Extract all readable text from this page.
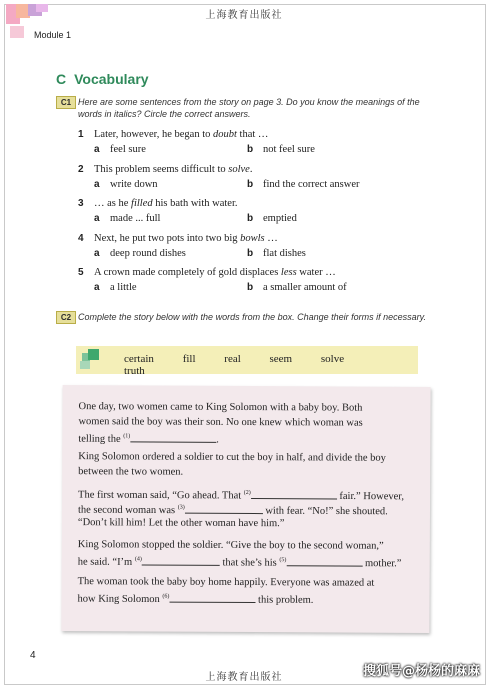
上海教育出版社
Module 1
C Vocabulary
C1 Here are some sentences from the story on page 3. Do you know the meanings of the words in italics? Circle the correct answers.
1 Later, however, he began to doubt that …
a feel sure	b not feel sure
2 This problem seems difficult to solve.
a write down	b find the correct answer
3 … as he filled his bath with water.
a made ... full	b emptied
4 Next, he put two pots into two big bowls …
a deep round dishes	b flat dishes
5 A crown made completely of gold displaces less water …
a a little	b a smaller amount of
C2 Complete the story below with the words from the box. Change their forms if necessary.
certain	fill	real	seem	solve truth

One day, two women came to King Solomon with a baby boy. Both

women said the boy was their son. No one knew which woman was

telling the $^{(1)}$	.

King Solomon ordered a soldier to cut the boy in half, and divide the boy

between the two women.

The first woman said, “Go ahead. That $^{(2)}$	fair.” However,

the second woman was $^{(3)}$	with fear. “No!” she shouted.

“Don’t kill him! Let the other woman have him.”

King Solomon stopped the soldier. “Give the boy to the second woman,”

he said. “I’m $^{(4)}$	that she’s his $^{(5)}$	mother.”

The woman took the baby boy home happily. Everyone was amazed at

how King Solomon $^{(6)}$	this problem.

4
上海教育出版社	搜狐号@杨杨的麻麻
